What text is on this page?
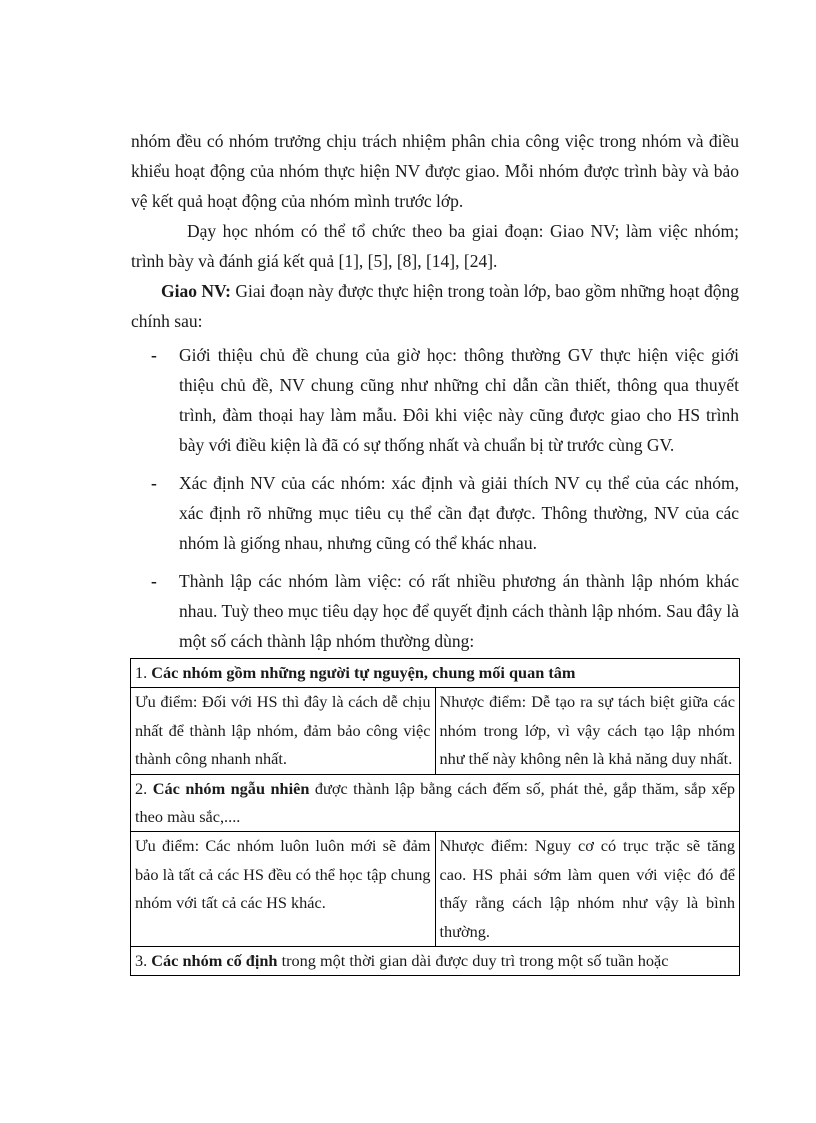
nhóm đều có nhóm trưởng chịu trách nhiệm phân chia công việc trong nhóm và điều khiểu hoạt động của nhóm thực hiện NV được giao. Mỗi nhóm được trình bày và bảo vệ kết quả hoạt động của nhóm mình trước lớp.

Dạy học nhóm có thể tổ chức theo ba giai đoạn: Giao NV; làm việc nhóm; trình bày và đánh giá kết quả [1], [5], [8], [14], [24].

Giao NV: Giai đoạn này được thực hiện trong toàn lớp, bao gồm những hoạt động chính sau:

- Giới thiệu chủ đề chung của giờ học: thông thường GV thực hiện việc giới thiệu chủ đề, NV chung cũng như những chỉ dẫn cần thiết, thông qua thuyết trình, đàm thoại hay làm mẫu. Đôi khi việc này cũng được giao cho HS trình bày với điều kiện là đã có sự thống nhất và chuẩn bị từ trước cùng GV.
- Xác định NV của các nhóm: xác định và giải thích NV cụ thể của các nhóm, xác định rõ những mục tiêu cụ thể cần đạt được. Thông thường, NV của các nhóm là giống nhau, nhưng cũng có thể khác nhau.
- Thành lập các nhóm làm việc: có rất nhiều phương án thành lập nhóm khác nhau. Tuỳ theo mục tiêu dạy học để quyết định cách thành lập nhóm. Sau đây là một số cách thành lập nhóm thường dùng:
1. Các nhóm gồm những người tự nguyện, chung mối quan tâm	
Ưu điểm: Đối với HS thì đây là cách dễ chịu nhất để thành lập nhóm, đảm bảo công việc thành công nhanh nhất.	Nhược điểm: Dễ tạo ra sự tách biệt giữa các nhóm trong lớp, vì vậy cách tạo lập nhóm như thế này không nên là khả năng duy nhất.
2. Các nhóm ngẫu nhiên được thành lập bằng cách đếm số, phát thẻ, gắp thăm, sắp xếp theo màu sắc,....	
Ưu điểm: Các nhóm luôn luôn mới sẽ đảm bảo là tất cả các HS đều có thể học tập chung nhóm với tất cả các HS khác.	Nhược điểm: Nguy cơ có trục trặc sẽ tăng cao. HS phải sớm làm quen với việc đó để thấy rằng cách lập nhóm như vậy là bình thường.
3. Các nhóm cố định trong một thời gian dài được duy trì trong một số tuần hoặc	
